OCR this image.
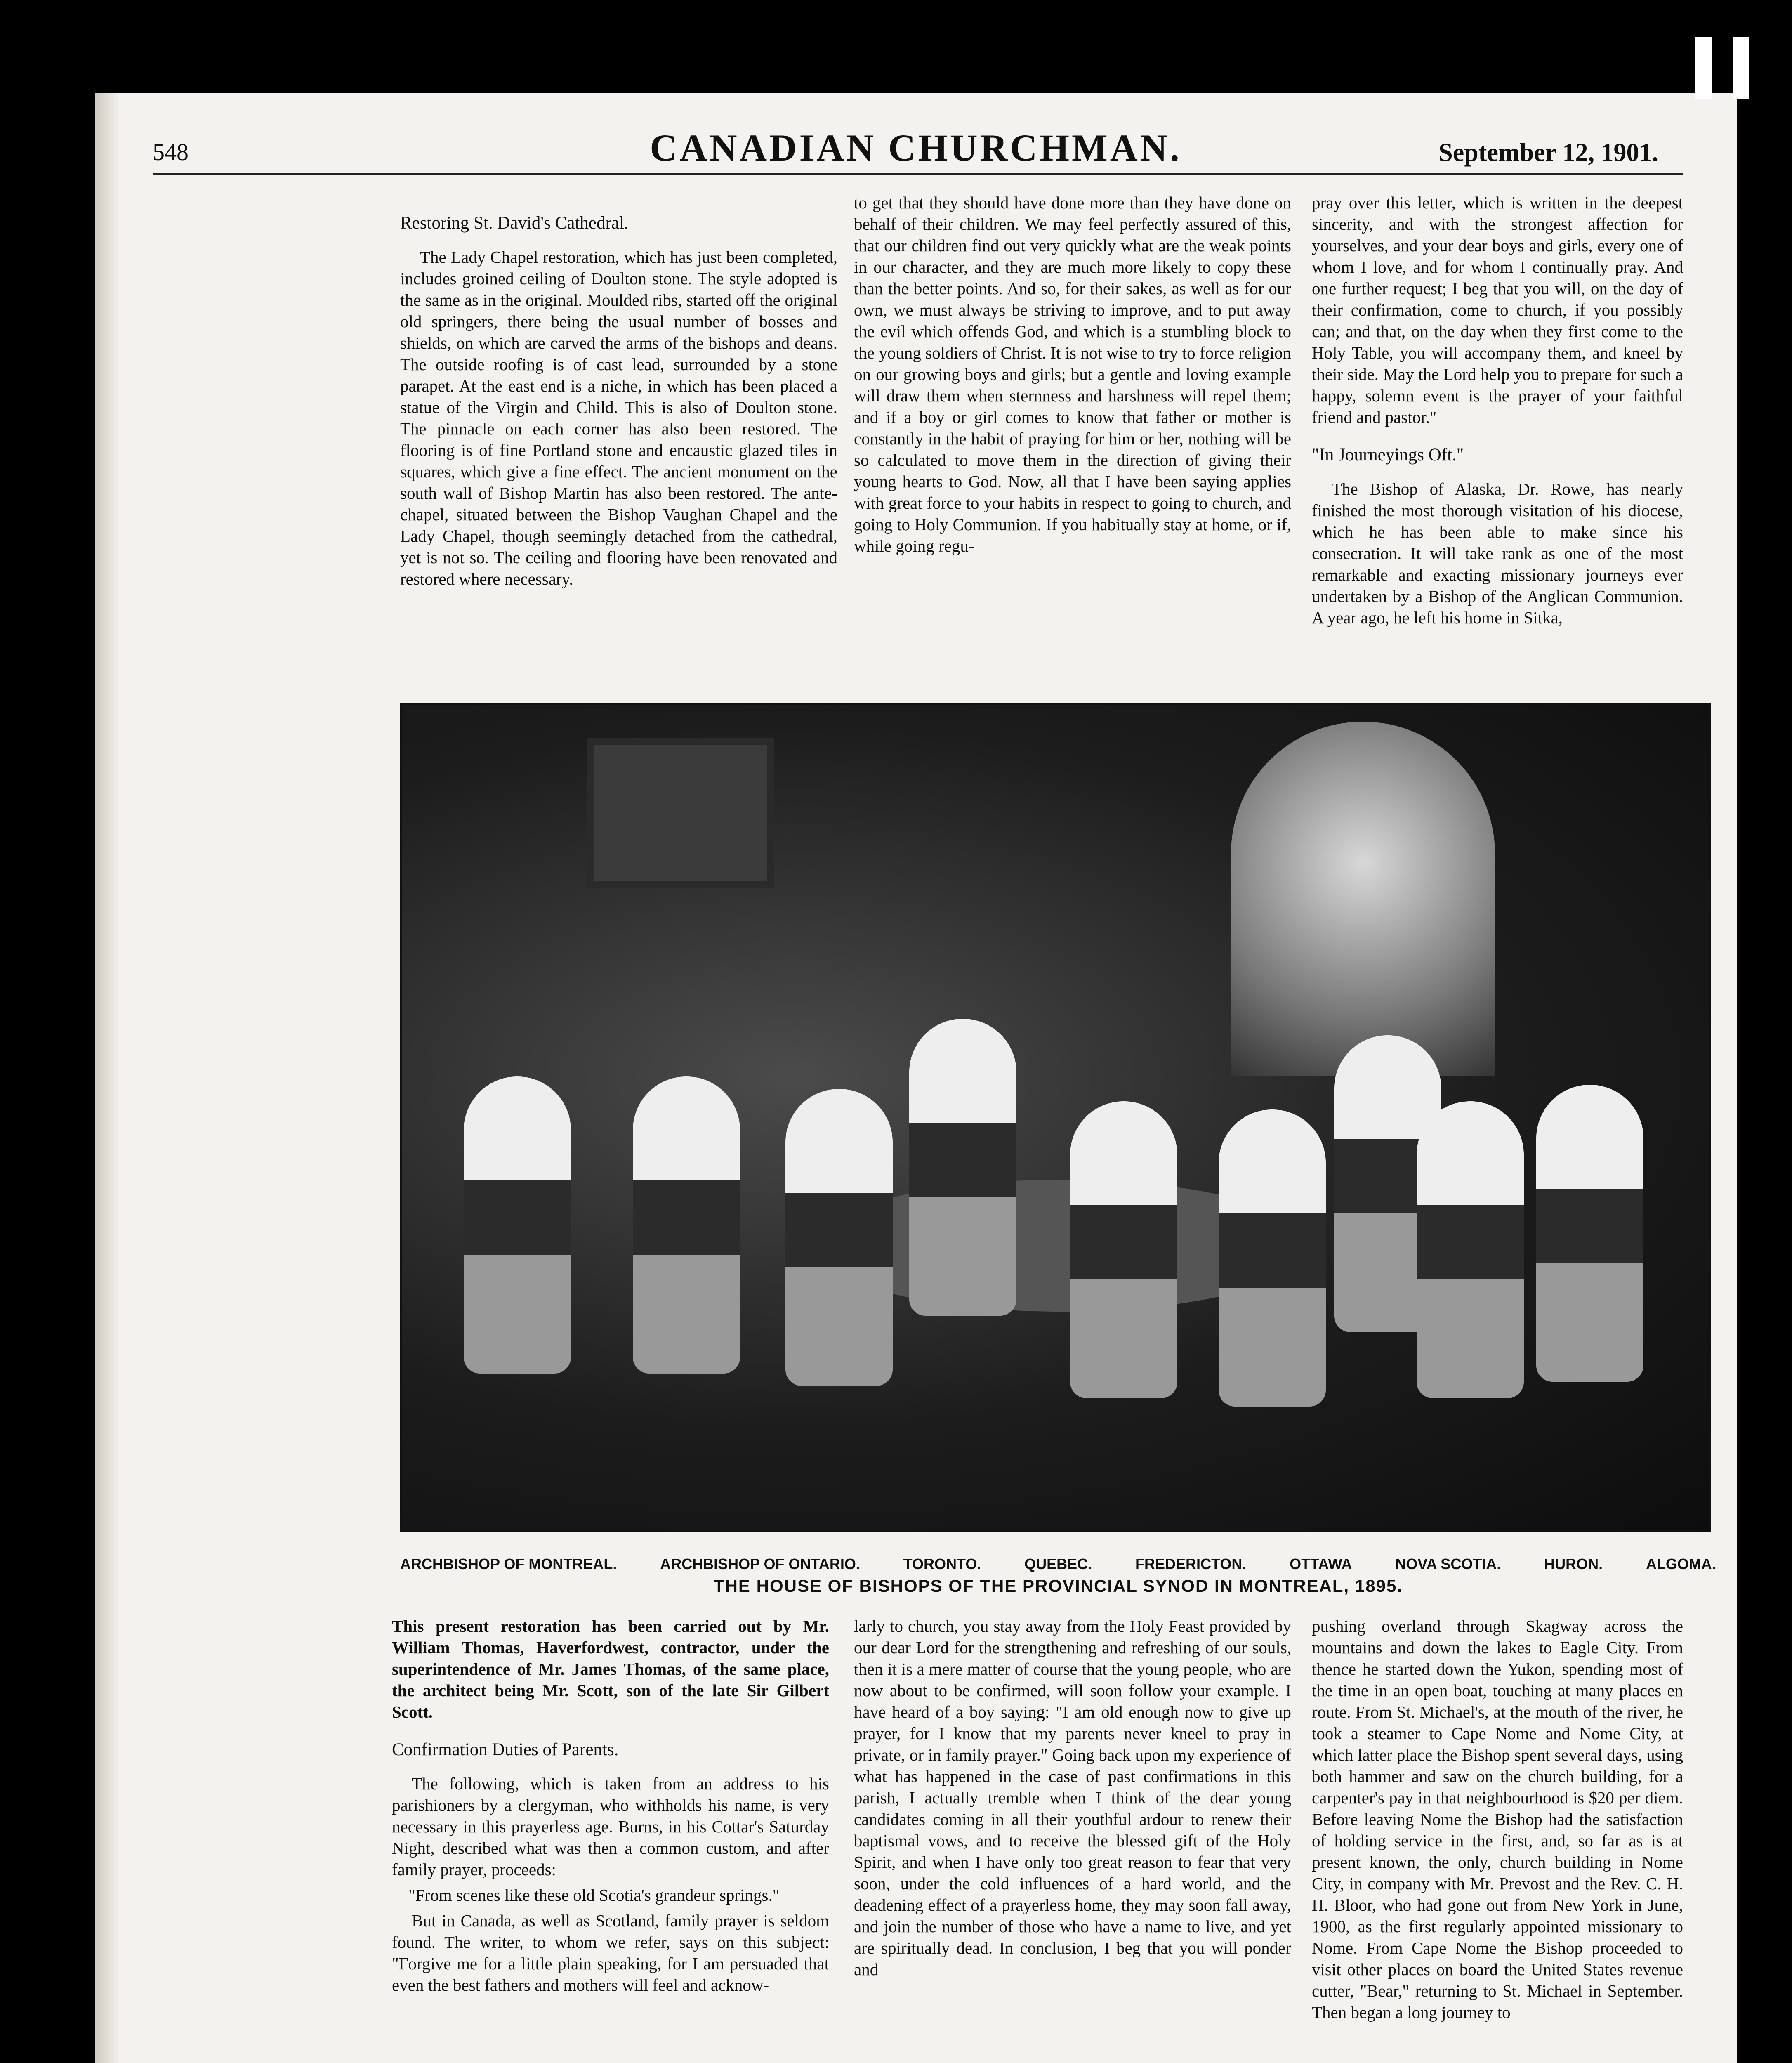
548	CANADIAN CHURCHMAN.	September 12, 1901.
Restoring St. David's Cathedral.

The Lady Chapel restoration, which has just been completed, includes groined ceiling of Doulton stone. The style adopted is the same as in the original. Moulded ribs, started off the original old springers, there being the usual number of bosses and shields, on which are carved the arms of the bishops and deans. The outside roofing is of cast lead, surrounded by a stone parapet. At the east end is a niche, in which has been placed a statue of the Virgin and Child. This is also of Doulton stone. The pinnacle on each corner has also been restored. The flooring is of fine Portland stone and encaustic glazed tiles in squares, which give a fine effect. The ancient monument on the south wall of Bishop Martin has also been restored. The ante-chapel, situated between the Bishop Vaughan Chapel and the Lady Chapel, though seemingly detached from the cathedral, yet is not so. The ceiling and flooring have been renovated and restored where necessary.

to get that they should have done more than they have done on behalf of their children. We may feel perfectly assured of this, that our children find out very quickly what are the weak points in our character, and they are much more likely to copy these than the better points. And so, for their sakes, as well as for our own, we must always be striving to improve, and to put away the evil which offends God, and which is a stumbling block to the young soldiers of Christ. It is not wise to try to force religion on our growing boys and girls; but a gentle and loving example will draw them when sternness and harshness will repel them; and if a boy or girl comes to know that father or mother is constantly in the habit of praying for him or her, nothing will be so calculated to move them in the direction of giving their young hearts to God. Now, all that I have been saying applies with great force to your habits in respect to going to church, and going to Holy Communion. If you habitually stay at home, or if, while going regu-

pray over this letter, which is written in the deepest sincerity, and with the strongest affection for yourselves, and your dear boys and girls, every one of whom I love, and for whom I continually pray. And one further request; I beg that you will, on the day of their confirmation, come to church, if you possibly can; and that, on the day when they first come to the Holy Table, you will accompany them, and kneel by their side. May the Lord help you to prepare for such a happy, solemn event is the prayer of your faithful friend and pastor."

"In Journeyings Oft."

The Bishop of Alaska, Dr. Rowe, has nearly finished the most thorough visitation of his diocese, which he has been able to make since his consecration. It will take rank as one of the most remarkable and exacting missionary journeys ever undertaken by a Bishop of the Anglican Communion. A year ago, he left his home in Sitka,

ARCHBISHOP OF MONTREAL.	ARCHBISHOP OF ONTARIO.	TORONTO.	QUEBEC.	FREDERICTON.	OTTAWA	NOVA SCOTIA.	HURON.	ALGOMA.
THE HOUSE OF BISHOPS OF THE PROVINCIAL SYNOD IN MONTREAL, 1895.

This present restoration has been carried out by Mr. William Thomas, Haverfordwest, contractor, under the superintendence of Mr. James Thomas, of the same place, the architect being Mr. Scott, son of the late Sir Gilbert Scott.

Confirmation Duties of Parents.

The following, which is taken from an address to his parishioners by a clergyman, who withholds his name, is very necessary in this prayerless age. Burns, in his Cottar's Saturday Night, described what was then a common custom, and after family prayer, proceeds:

"From scenes like these old Scotia's grandeur springs."

But in Canada, as well as Scotland, family prayer is seldom found. The writer, to whom we refer, says on this subject: "Forgive me for a little plain speaking, for I am persuaded that even the best fathers and mothers will feel and acknow-

larly to church, you stay away from the Holy Feast provided by our dear Lord for the strengthening and refreshing of our souls, then it is a mere matter of course that the young people, who are now about to be confirmed, will soon follow your example. I have heard of a boy saying: "I am old enough now to give up prayer, for I know that my parents never kneel to pray in private, or in family prayer." Going back upon my experience of what has happened in the case of past confirmations in this parish, I actually tremble when I think of the dear young candidates coming in all their youthful ardour to renew their baptismal vows, and to receive the blessed gift of the Holy Spirit, and when I have only too great reason to fear that very soon, under the cold influences of a hard world, and the deadening effect of a prayerless home, they may soon fall away, and join the number of those who have a name to live, and yet are spiritually dead. In conclusion, I beg that you will ponder and

pushing overland through Skagway across the mountains and down the lakes to Eagle City. From thence he started down the Yukon, spending most of the time in an open boat, touching at many places en route. From St. Michael's, at the mouth of the river, he took a steamer to Cape Nome and Nome City, at which latter place the Bishop spent several days, using both hammer and saw on the church building, for a carpenter's pay in that neighbourhood is $20 per diem. Before leaving Nome the Bishop had the satisfaction of holding service in the first, and, so far as is at present known, the only, church building in Nome City, in company with Mr. Prevost and the Rev. C. H. H. Bloor, who had gone out from New York in June, 1900, as the first regularly appointed missionary to Nome. From Cape Nome the Bishop proceeded to visit other places on board the United States revenue cutter, "Bear," returning to St. Michael in September. Then began a long journey to
